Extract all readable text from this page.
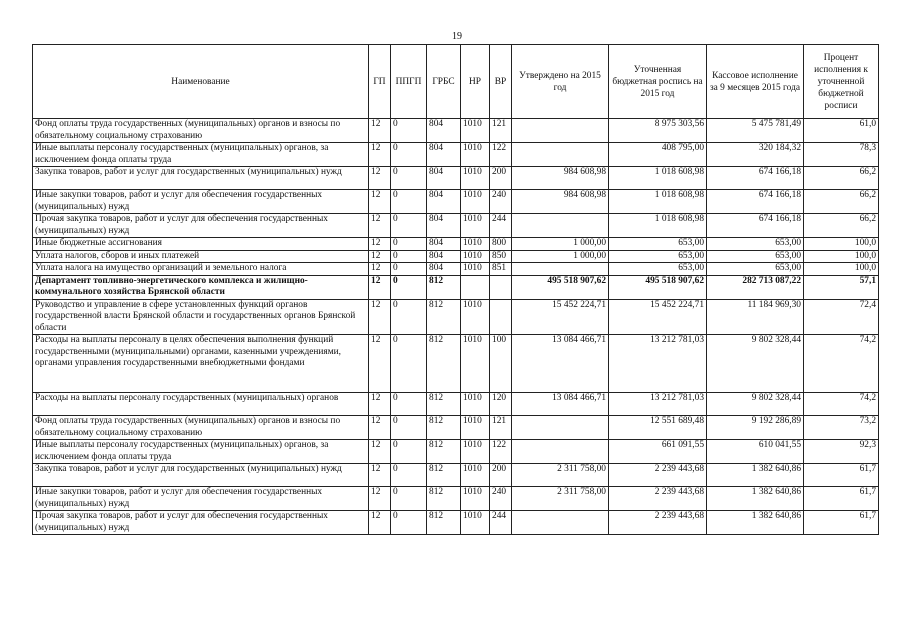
19
Наименование	ГП	ППГП	ГРБС	НР	ВР	Утверждено на 2015 год	Уточненная бюджетная роспись на 2015 год	Кассовое исполнение за 9 месяцев 2015 года	Процент исполнения к уточненной бюджетной росписи
Фонд оплаты труда государственных (муниципальных) органов и взносы по обязательному социальному страхованию	12	0	804	1010	121		8 975 303,56	5 475 781,49	61,0
Иные выплаты персоналу государственных (муниципальных) органов, за исключением фонда оплаты труда	12	0	804	1010	122		408 795,00	320 184,32	78,3
Закупка товаров, работ и услуг для государственных (муниципальных) нужд	12	0	804	1010	200	984 608,98	1 018 608,98	674 166,18	66,2
Иные закупки товаров, работ и услуг для обеспечения государственных (муниципальных) нужд	12	0	804	1010	240	984 608,98	1 018 608,98	674 166,18	66,2
Прочая закупка товаров, работ и услуг для обеспечения государственных (муниципальных) нужд	12	0	804	1010	244		1 018 608,98	674 166,18	66,2
Иные бюджетные ассигнования	12	0	804	1010	800	1 000,00	653,00	653,00	100,0
Уплата налогов, сборов и иных платежей	12	0	804	1010	850	1 000,00	653,00	653,00	100,0
Уплата налога на имущество организаций и земельного налога	12	0	804	1010	851		653,00	653,00	100,0
Департамент топливно-энергетического комплекса и жилищно-коммунального хозяйства Брянской области	12	0	812			495 518 907,62	495 518 907,62	282 713 087,22	57,1
Руководство и управление в сфере установленных функций органов государственной власти Брянской области и государственных органов Брянской области	12	0	812	1010		15 452 224,71	15 452 224,71	11 184 969,30	72,4
Расходы на выплаты персоналу в целях обеспечения выполнения функций государственными (муниципальными) органами, казенными учреждениями, органами управления государственными внебюджетными фондами	12	0	812	1010	100	13 084 466,71	13 212 781,03	9 802 328,44	74,2
Расходы на выплаты персоналу государственных (муниципальных) органов	12	0	812	1010	120	13 084 466,71	13 212 781,03	9 802 328,44	74,2
Фонд оплаты труда государственных (муниципальных) органов и взносы по обязательному социальному страхованию	12	0	812	1010	121		12 551 689,48	9 192 286,89	73,2
Иные выплаты персоналу государственных (муниципальных) органов, за исключением фонда оплаты труда	12	0	812	1010	122		661 091,55	610 041,55	92,3
Закупка товаров, работ и услуг для государственных (муниципальных) нужд	12	0	812	1010	200	2 311 758,00	2 239 443,68	1 382 640,86	61,7
Иные закупки товаров, работ и услуг для обеспечения государственных (муниципальных) нужд	12	0	812	1010	240	2 311 758,00	2 239 443,68	1 382 640,86	61,7
Прочая закупка товаров, работ и услуг для обеспечения государственных (муниципальных) нужд	12	0	812	1010	244		2 239 443,68	1 382 640,86	61,7
